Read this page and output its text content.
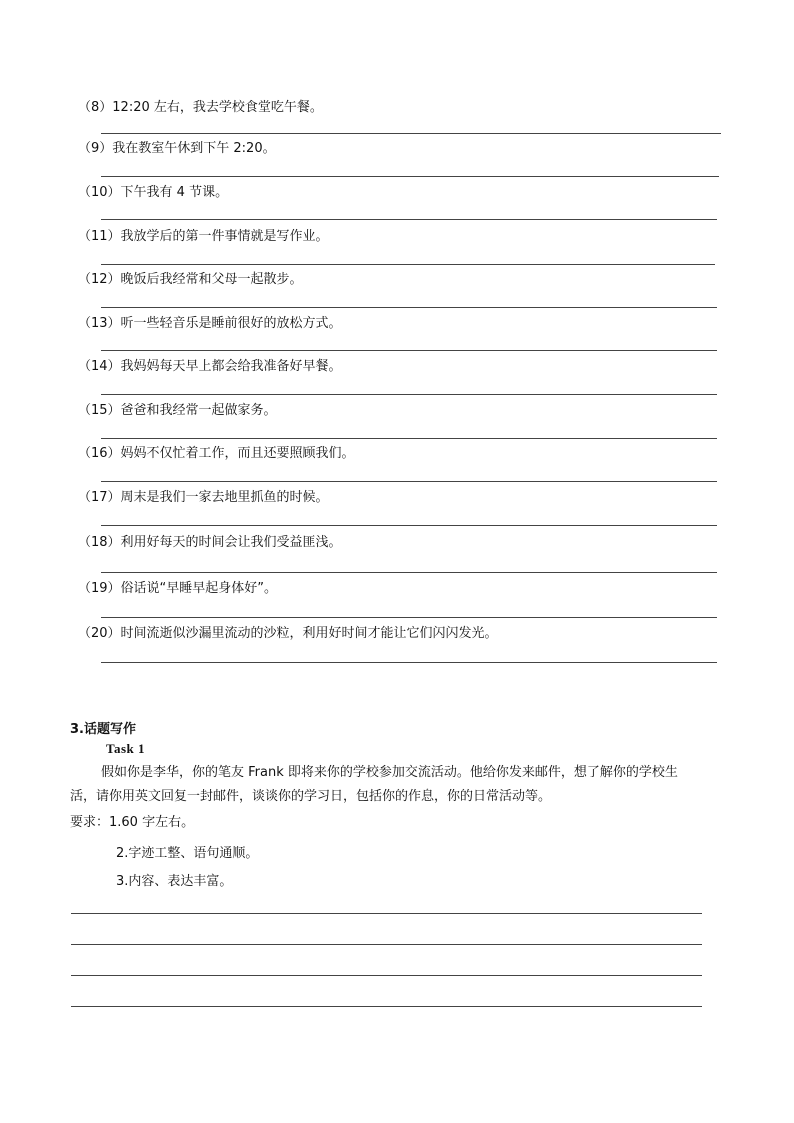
（8）12:20 左右，我去学校食堂吃午餐。
（9）我在教室午休到下午 2:20。
（10）下午我有 4 节课。
（11）我放学后的第一件事情就是写作业。
（12）晚饭后我经常和父母一起散步。
（13）听一些轻音乐是睡前很好的放松方式。
（14）我妈妈每天早上都会给我准备好早餐。
（15）爸爸和我经常一起做家务。
（16）妈妈不仅忙着工作，而且还要照顾我们。
（17）周末是我们一家去地里抓鱼的时候。
（18）利用好每天的时间会让我们受益匪浅。
（19）俗话说“早睡早起身体好”。
（20）时间流逝似沙漏里流动的沙粒，利用好时间才能让它们闪闪发光。
3.话题写作
Task 1
假如你是李华，你的笔友 Frank 即将来你的学校参加交流活动。他给你发来邮件，想了解你的学校生
活，请你用英文回复一封邮件，谈谈你的学习日，包括你的作息，你的日常活动等。
要求：1.60 字左右。
2.字迹工整、语句通顺。
3.内容、表达丰富。
